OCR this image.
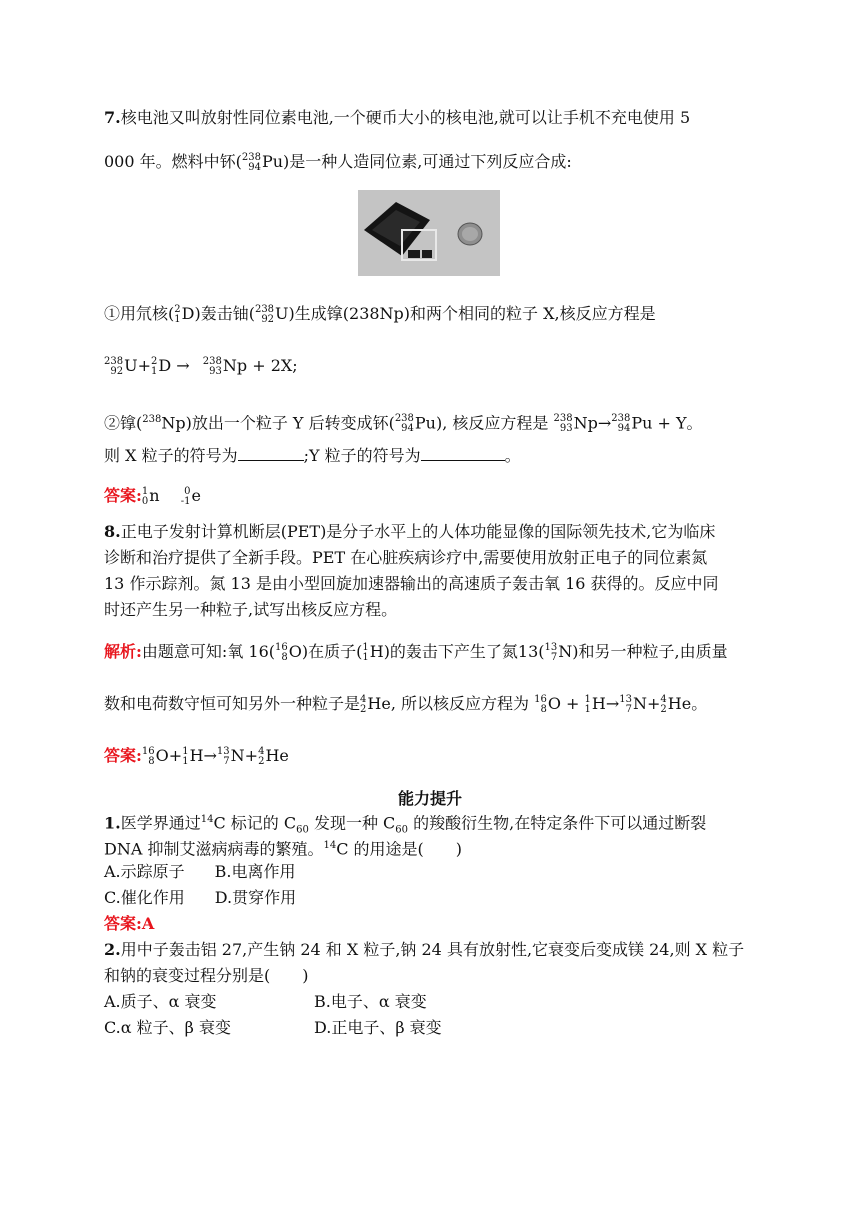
7.核电池又叫放射性同位素电池,一个硬币大小的核电池,就可以让手机不充电使用 5
000 年。燃料中钚( 238
94 Pu)是一种人造同位素,可通过下列反应合成:
①用氘核( 2
1 D)轰击铀( 238
92 U)生成镎(238Np)和两个相同的粒子 X,核反应方程是
238
92 U+ 2
1 D → 238
93 Np + 2X;
②镎($^{238}$Np)放出一个粒子 Y 后转变成钚( 238
94 Pu), 核反应方程是 238
93 Np→ 238
94 Pu + Y。
则 X 粒子的符号为	;Y 粒子的符号为	。
答案: 1
0 n	0
-1 e
8.正电子发射计算机断层(PET)是分子水平上的人体功能显像的国际领先技术,它为临床
诊断和治疗提供了全新手段。PET 在心脏疾病诊疗中,需要使用放射正电子的同位素氮
13 作示踪剂。氮 13 是由小型回旋加速器输出的高速质子轰击氧 16 获得的。反应中同
时还产生另一种粒子,试写出核反应方程。
解析:由题意可知:氧 16( 16
8 O)在质子( 1
1 H)的轰击下产生了氮13( 13
7 N)和另一种粒子,由质量
数和电荷数守恒可知另外一种粒子是 4
2 He, 所以核反应方程为 16
8 O + 1
1 H→ 13
7 N+ 4
2 He。
答案: 16
8 O+ 1
1 H→ 13
7 N+ 4
2 He
能力提升
1.医学界通过$^{14}$C 标记的 $C_{60}$ 发现一种 $C_{60}$ 的羧酸衍生物,在特定条件下可以通过断裂
DNA 抑制艾滋病病毒的繁殖。$^{14}$C 的用途是(　　)
A.示踪原子 B.电离作用
C.催化作用 D.贯穿作用
答案:A
2.用中子轰击铝 27,产生钠 24 和 X 粒子,钠 24 具有放射性,它衰变后变成镁 24,则 X 粒子
和钠的衰变过程分别是(　　)
A.质子、α 衰变	B.电子、α 衰变
C.α 粒子、β 衰变	D.正电子、β 衰变
